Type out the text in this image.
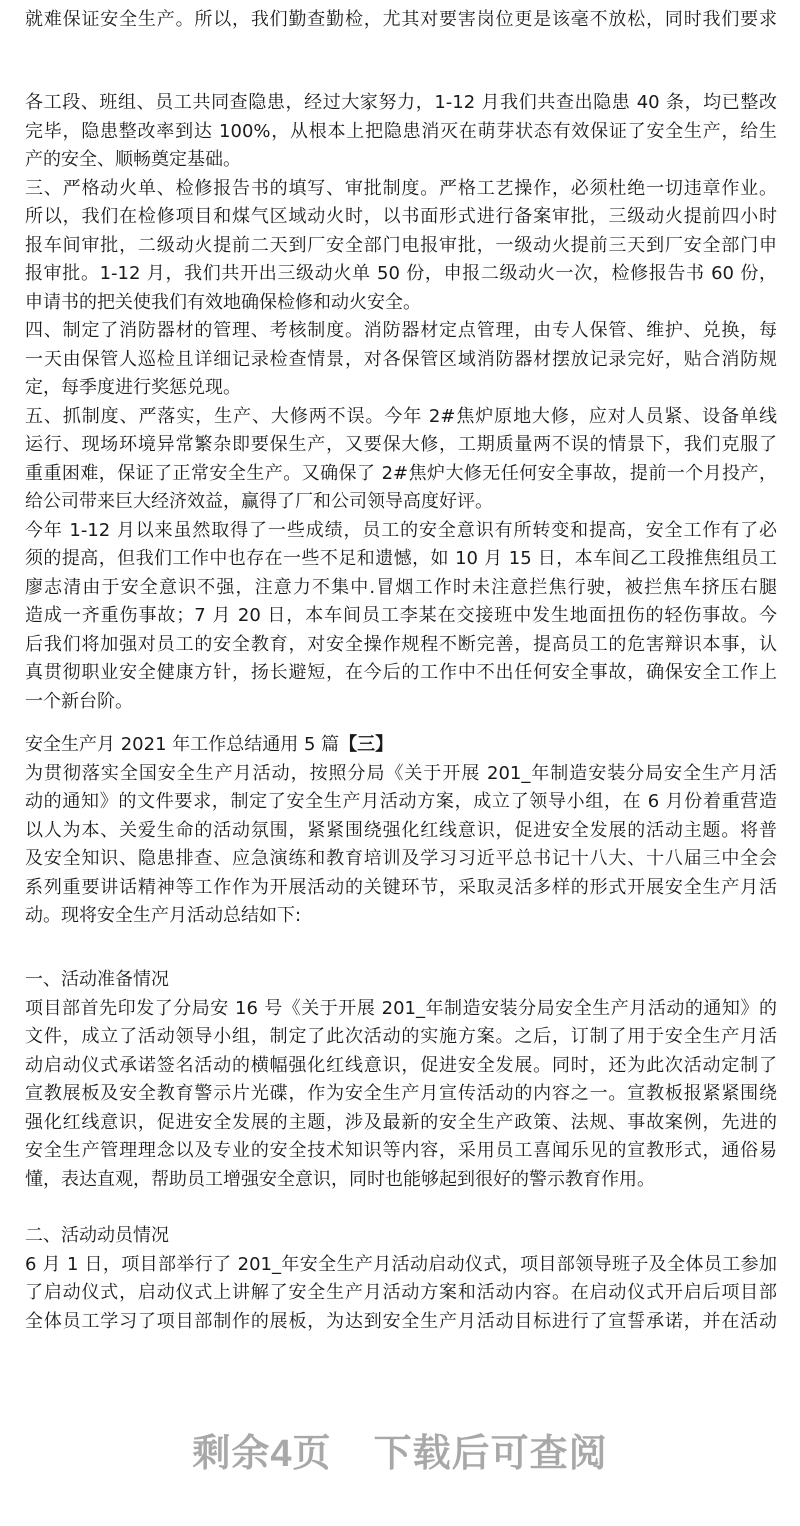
就难保证安全生产。所以，我们勤查勤检，尤其对要害岗位更是该毫不放松，同时我们要求
各工段、班组、员工共同查隐患，经过大家努力，1-12 月我们共查出隐患 40 条，均已整改
完毕，隐患整改率到达 100%，从根本上把隐患消灭在萌芽状态有效保证了安全生产，给生
产的安全、顺畅奠定基础。
三、严格动火单、检修报告书的填写、审批制度。严格工艺操作，必须杜绝一切违章作业。
所以，我们在检修项目和煤气区域动火时，以书面形式进行备案审批，三级动火提前四小时
报车间审批，二级动火提前二天到厂安全部门电报审批，一级动火提前三天到厂安全部门申
报审批。1-12 月，我们共开出三级动火单 50 份，申报二级动火一次，检修报告书 60 份，
申请书的把关使我们有效地确保检修和动火安全。
四、制定了消防器材的管理、考核制度。消防器材定点管理，由专人保管、维护、兑换，每
一天由保管人巡检且详细记录检查情景，对各保管区域消防器材摆放记录完好，贴合消防规
定，每季度进行奖惩兑现。
五、抓制度、严落实，生产、大修两不误。今年 2#焦炉原地大修，应对人员紧、设备单线
运行、现场环境异常繁杂即要保生产，又要保大修，工期质量两不误的情景下，我们克服了
重重困难，保证了正常安全生产。又确保了 2#焦炉大修无任何安全事故，提前一个月投产，
给公司带来巨大经济效益，赢得了厂和公司领导高度好评。
今年 1-12 月以来虽然取得了一些成绩，员工的安全意识有所转变和提高，安全工作有了必
须的提高，但我们工作中也存在一些不足和遗憾，如 10 月 15 日，本车间乙工段推焦组员工
廖志清由于安全意识不强，注意力不集中.冒烟工作时未注意拦焦行驶，被拦焦车挤压右腿
造成一齐重伤事故；7 月 20 日，本车间员工李某在交接班中发生地面扭伤的轻伤事故。今
后我们将加强对员工的安全教育，对安全操作规程不断完善，提高员工的危害辩识本事，认
真贯彻职业安全健康方针，扬长避短，在今后的工作中不出任何安全事故，确保安全工作上
一个新台阶。
安全生产月 2021 年工作总结通用 5 篇【三】
为贯彻落实全国安全生产月活动，按照分局《关于开展 201_年制造安装分局安全生产月活
动的通知》的文件要求，制定了安全生产月活动方案，成立了领导小组，在 6 月份着重营造
以人为本、关爱生命的活动氛围，紧紧围绕强化红线意识，促进安全发展的活动主题。将普
及安全知识、隐患排查、应急演练和教育培训及学习习近平总书记十八大、十八届三中全会
系列重要讲话精神等工作作为开展活动的关键环节，采取灵活多样的形式开展安全生产月活
动。现将安全生产月活动总结如下:
一、活动准备情况
项目部首先印发了分局安 16 号《关于开展 201_年制造安装分局安全生产月活动的通知》的
文件，成立了活动领导小组，制定了此次活动的实施方案。之后，订制了用于安全生产月活
动启动仪式承诺签名活动的横幅强化红线意识，促进安全发展。同时，还为此次活动定制了
宣教展板及安全教育警示片光碟，作为安全生产月宣传活动的内容之一。宣教板报紧紧围绕
强化红线意识，促进安全发展的主题，涉及最新的安全生产政策、法规、事故案例，先进的
安全生产管理理念以及专业的安全技术知识等内容，采用员工喜闻乐见的宣教形式，通俗易
懂，表达直观，帮助员工增强安全意识，同时也能够起到很好的警示教育作用。
二、活动动员情况
6 月 1 日，项目部举行了 201_年安全生产月活动启动仪式，项目部领导班子及全体员工参加
了启动仪式，启动仪式上讲解了安全生产月活动方案和活动内容。在启动仪式开启后项目部
全体员工学习了项目部制作的展板，为达到安全生产月活动目标进行了宣誓承诺，并在活动
剩余4页 下载后可查阅
